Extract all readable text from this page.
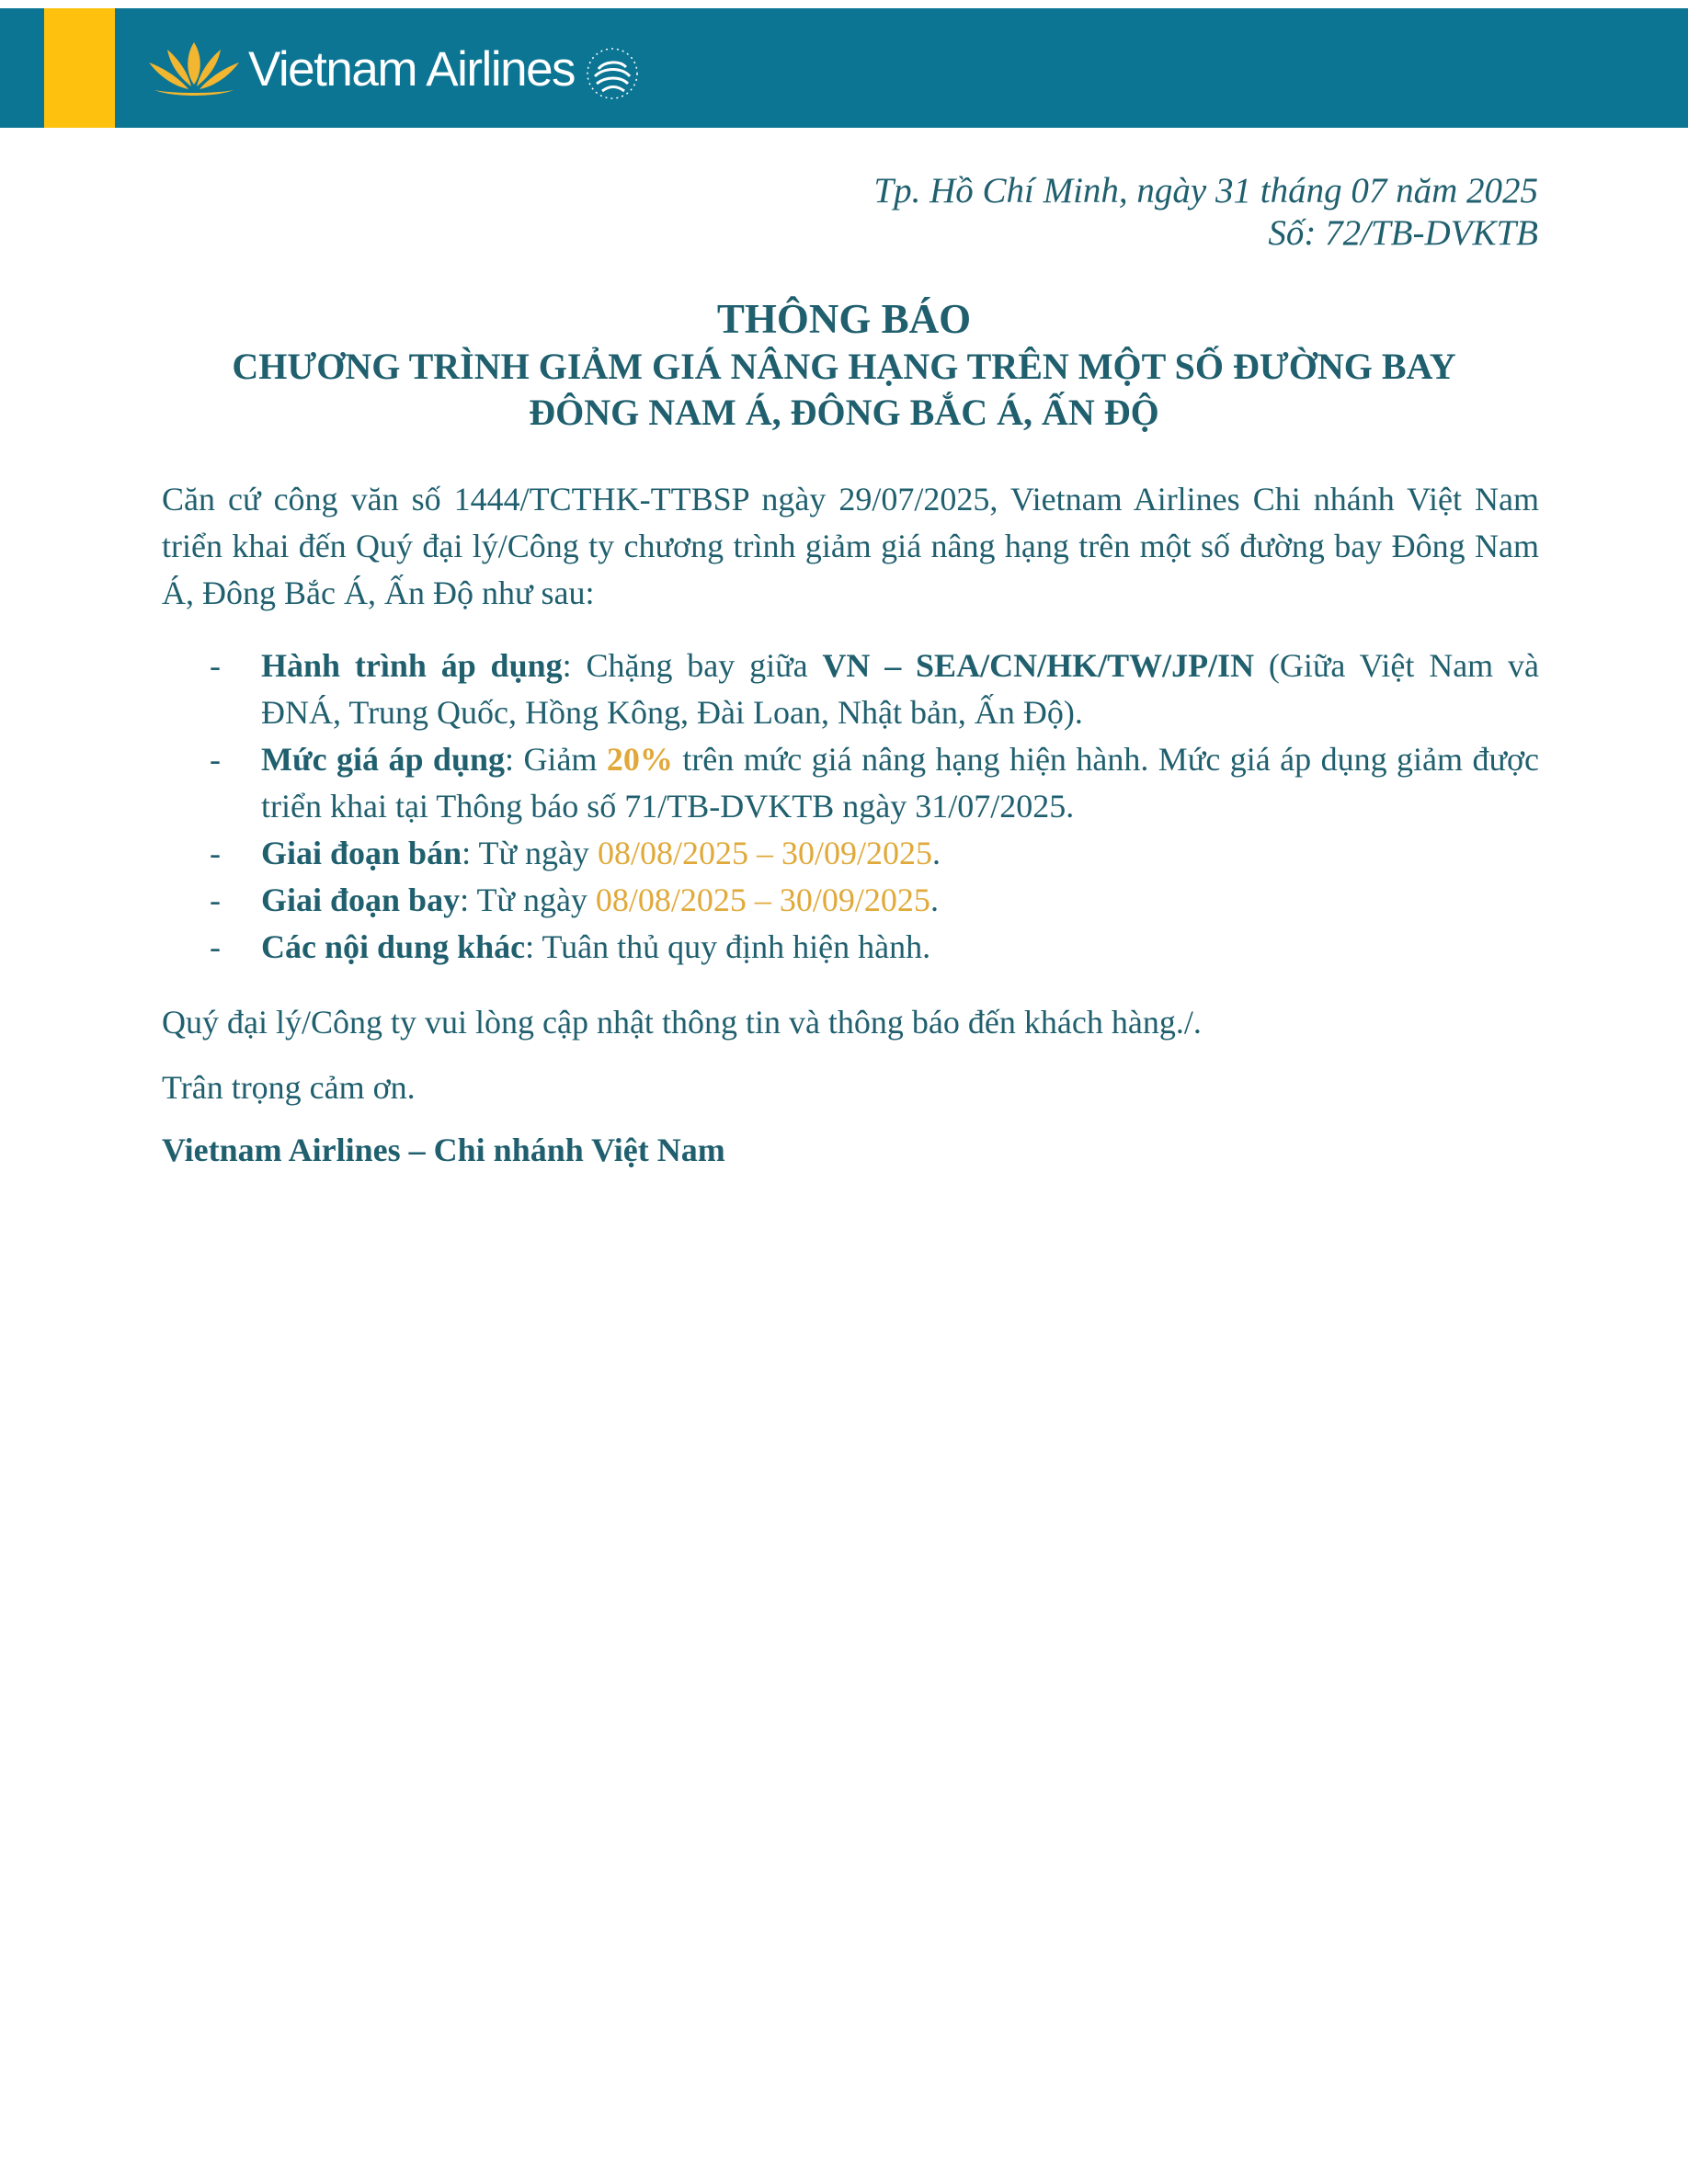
Vietnam Airlines
Tp. Hồ Chí Minh, ngày 31 tháng 07 năm 2025
Số: 72/TB-DVKTB
THÔNG BÁO
CHƯƠNG TRÌNH GIẢM GIÁ NÂNG HẠNG TRÊN MỘT SỐ ĐƯỜNG BAY
ĐÔNG NAM Á, ĐÔNG BẮC Á, ẤN ĐỘ

Căn cứ công văn số 1444/TCTHK-TTBSP ngày 29/07/2025, Vietnam Airlines Chi nhánh Việt Nam triển khai đến Quý đại lý/Công ty chương trình giảm giá nâng hạng trên một số đường bay Đông Nam Á, Đông Bắc Á, Ấn Độ như sau:

- Hành trình áp dụng: Chặng bay giữa VN – SEA/CN/HK/TW/JP/IN (Giữa Việt Nam và ĐNÁ, Trung Quốc, Hồng Kông, Đài Loan, Nhật bản, Ấn Độ).
- Mức giá áp dụng: Giảm 20% trên mức giá nâng hạng hiện hành. Mức giá áp dụng giảm được triển khai tại Thông báo số 71/TB-DVKTB ngày 31/07/2025.
- Giai đoạn bán: Từ ngày 08/08/2025 – 30/09/2025.
- Giai đoạn bay: Từ ngày 08/08/2025 – 30/09/2025.
- Các nội dung khác: Tuân thủ quy định hiện hành.

Quý đại lý/Công ty vui lòng cập nhật thông tin và thông báo đến khách hàng./.

Trân trọng cảm ơn.

Vietnam Airlines – Chi nhánh Việt Nam
